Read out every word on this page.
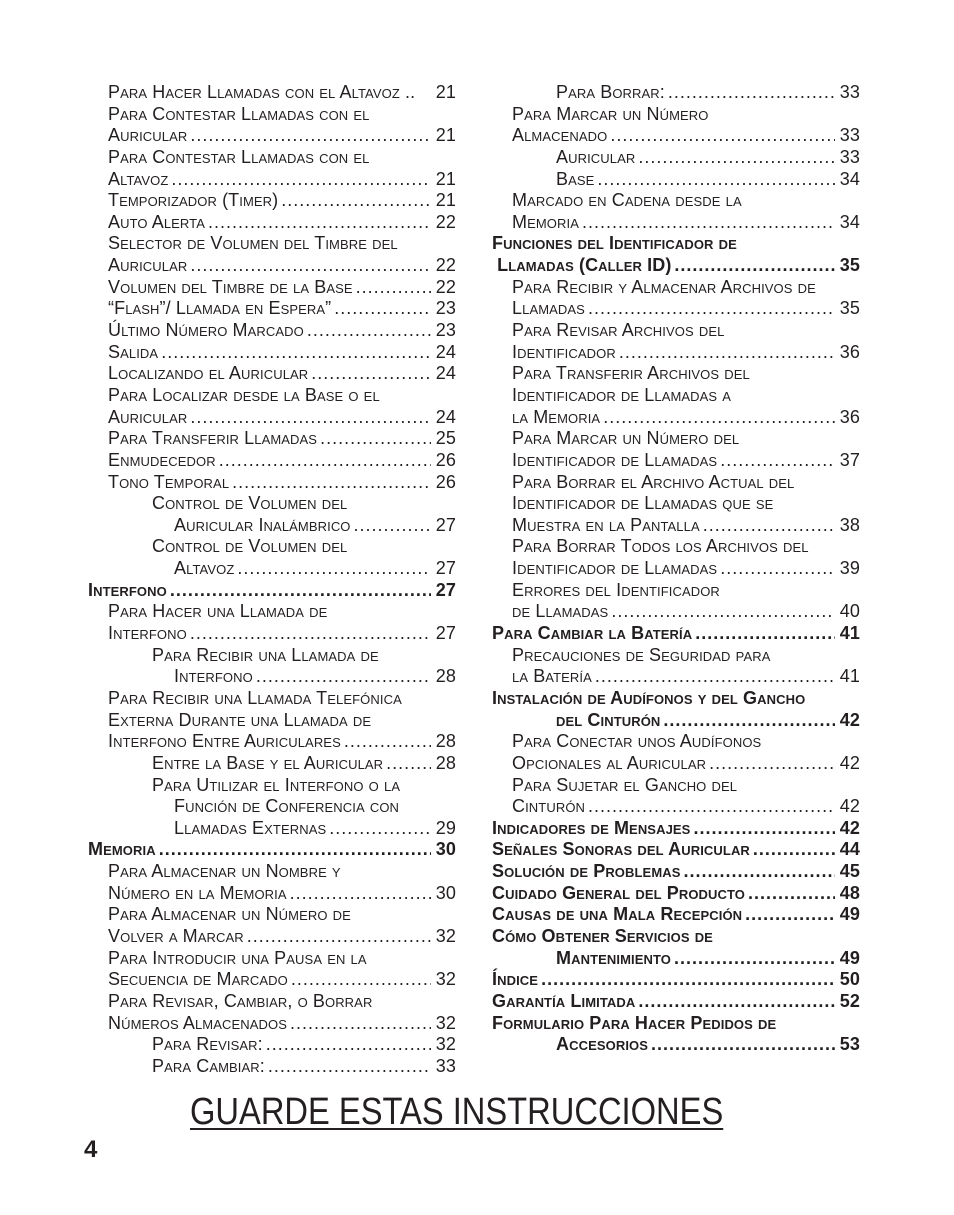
Para Hacer Llamadas con el Altavoz .. 21
Para Contestar Llamadas con el
Auricular .....	21
Para Contestar Llamadas con el
Altavoz .....	21
Temporizador (Timer) .....	21
Auto Alerta .....	22
Selector de Volumen del Timbre del
Auricular .....	22
Volumen del Timbre de la Base .....	22
“Flash”/ Llamada en Espera” .....	23
Último Número Marcado .....	23
Salida .....	24
Localizando el Auricular .....	24
Para Localizar desde la Base o el
Auricular .....	24
Para Transferir Llamadas .....	25
Enmudecedor .....	26
Tono Temporal .....	26
Control de Volumen del
Auricular Inalámbrico .....	27
Control de Volumen del
Altavoz .....	27
Interfono .....	27
Para Hacer una Llamada de
Interfono .....	27
Para Recibir una Llamada de
Interfono .....	28
Para Recibir una Llamada Telefónica
Externa Durante una Llamada de
Interfono Entre Auriculares .....	28
Entre la Base y el Auricular .....	28
Para Utilizar el Interfono o la
Función de Conferencia con
Llamadas Externas .....	29
Memoria .....	30
Para Almacenar un Nombre y
Número en la Memoria .....	30
Para Almacenar un Número de
Volver a Marcar .....	32
Para Introducir una Pausa en la
Secuencia de Marcado .....	32
Para Revisar, Cambiar, o Borrar
Números Almacenados .....	32
Para Revisar: .....	32
Para Cambiar: .....	33
Para Borrar: .....	33
Para Marcar un Número
Almacenado .....	33
Auricular .....	33
Base .....	34
Marcado en Cadena desde la
Memoria .....	34
Funciones del Identificador de
Llamadas (Caller ID) .....	35
Para Recibir y Almacenar Archivos de
Llamadas .....	35
Para Revisar Archivos del
Identificador .....	36
Para Transferir Archivos del
Identificador de Llamadas a
la Memoria .....	36
Para Marcar un Número del
Identificador de Llamadas .....	37
Para Borrar el Archivo Actual del
Identificador de Llamadas que se
Muestra en la Pantalla .....	38
Para Borrar Todos los Archivos del
Identificador de Llamadas .....	39
Errores del Identificador
de Llamadas .....	40
Para Cambiar la Batería .....	41
Precauciones de Seguridad para
la Batería .....	41
Instalación de Audífonos y del Gancho
del Cinturón .....	42
Para Conectar unos Audífonos
Opcionales al Auricular .....	42
Para Sujetar el Gancho del
Cinturón .....	42
Indicadores de Mensajes .....	42
Señales Sonoras del Auricular .....	44
Solución de Problemas .....	45
Cuidado General del Producto .....	48
Causas de una Mala Recepción .....	49
Cómo Obtener Servicios de
Mantenimiento .....	49
Índice .....	50
Garantía Limitada .....	52
Formulario Para Hacer Pedidos de
Accesorios .....	53
GUARDE ESTAS INSTRUCCIONES
4
